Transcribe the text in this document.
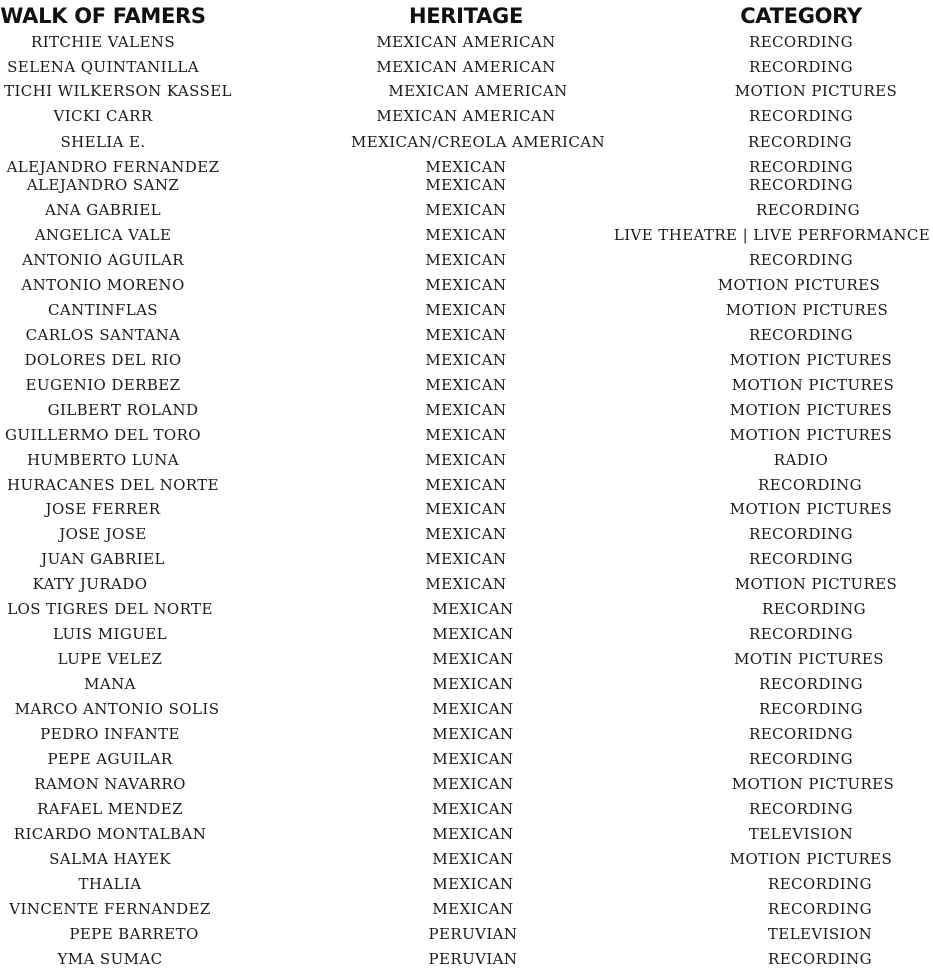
WALK OF FAMERS	HERITAGE	CATEGORY
RITCHIE VALENS	MEXICAN AMERICAN	RECORDING
SELENA QUINTANILLA	MEXICAN AMERICAN	RECORDING
TICHI WILKERSON KASSEL	MEXICAN AMERICAN	MOTION PICTURES
VICKI CARR	MEXICAN AMERICAN	RECORDING
SHELIA E.	MEXICAN/CREOLA AMERICAN	RECORDING
ALEJANDRO FERNANDEZ	MEXICAN	RECORDING
ALEJANDRO SANZ	MEXICAN	RECORDING
ANA GABRIEL	MEXICAN	RECORDING
ANGELICA VALE	MEXICAN	LIVE THEATRE | LIVE PERFORMANCE
ANTONIO AGUILAR	MEXICAN	RECORDING
ANTONIO MORENO	MEXICAN	MOTION PICTURES
CANTINFLAS	MEXICAN	MOTION PICTURES
CARLOS SANTANA	MEXICAN	RECORDING
DOLORES DEL RIO	MEXICAN	MOTION PICTURES
EUGENIO DERBEZ	MEXICAN	MOTION PICTURES
GILBERT ROLAND	MEXICAN	MOTION PICTURES
GUILLERMO DEL TORO	MEXICAN	MOTION PICTURES
HUMBERTO LUNA	MEXICAN	RADIO
HURACANES DEL NORTE	MEXICAN	RECORDING
JOSE FERRER	MEXICAN	MOTION PICTURES
JOSE JOSE	MEXICAN	RECORDING
JUAN GABRIEL	MEXICAN	RECORDING
KATY JURADO	MEXICAN	MOTION PICTURES
LOS TIGRES DEL NORTE	MEXICAN	RECORDING
LUIS MIGUEL	MEXICAN	RECORDING
LUPE VELEZ	MEXICAN	MOTIN PICTURES
MANA	MEXICAN	RECORDING
MARCO ANTONIO SOLIS	MEXICAN	RECORDING
PEDRO INFANTE	MEXICAN	RECORIDNG
PEPE AGUILAR	MEXICAN	RECORDING
RAMON NAVARRO	MEXICAN	MOTION PICTURES
RAFAEL MENDEZ	MEXICAN	RECORDING
RICARDO MONTALBAN	MEXICAN	TELEVISION
SALMA HAYEK	MEXICAN	MOTION PICTURES
THALIA	MEXICAN	RECORDING
VINCENTE FERNANDEZ	MEXICAN	RECORDING
PEPE BARRETO	PERUVIAN	TELEVISION
YMA SUMAC	PERUVIAN	RECORDING
